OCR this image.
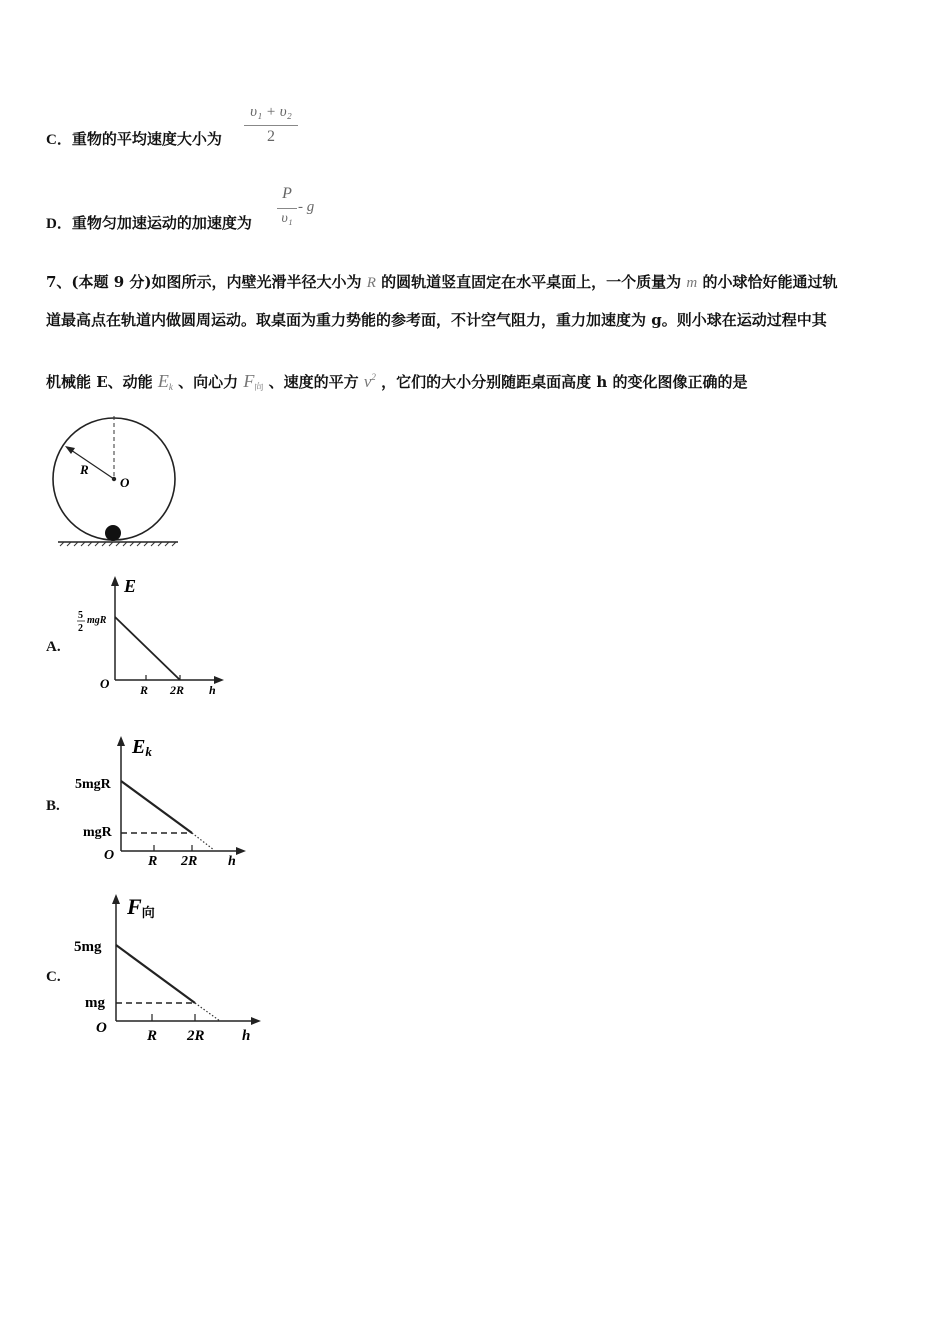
C．重物的平均速度大小为
υ₁ + υ₂
2
D．重物匀加速运动的加速度为
P
υ₁
- g
7、(本题 9 分)如图所示，内壁光滑半径大小为 R 的圆轨道竖直固定在水平桌面上，一个质量为 m 的小球恰好能通过轨
道最高点在轨道内做圆周运动。取桌面为重力势能的参考面，不计空气阻力，重力加速度为 g。则小球在运动过程中其
机械能 E、动能 $E_k$ 、向心力 $F_向$ 、速度的平方 $v^2$ ，它们的大小分别随距桌面高度 h 的变化图像正确的是
R
O
A.
E
5
2
mgR
O	R 2R h
B.
Ek
5mgR
mgR
O R 2R h
C.
F向
5mg
mg
O	R 2R h
